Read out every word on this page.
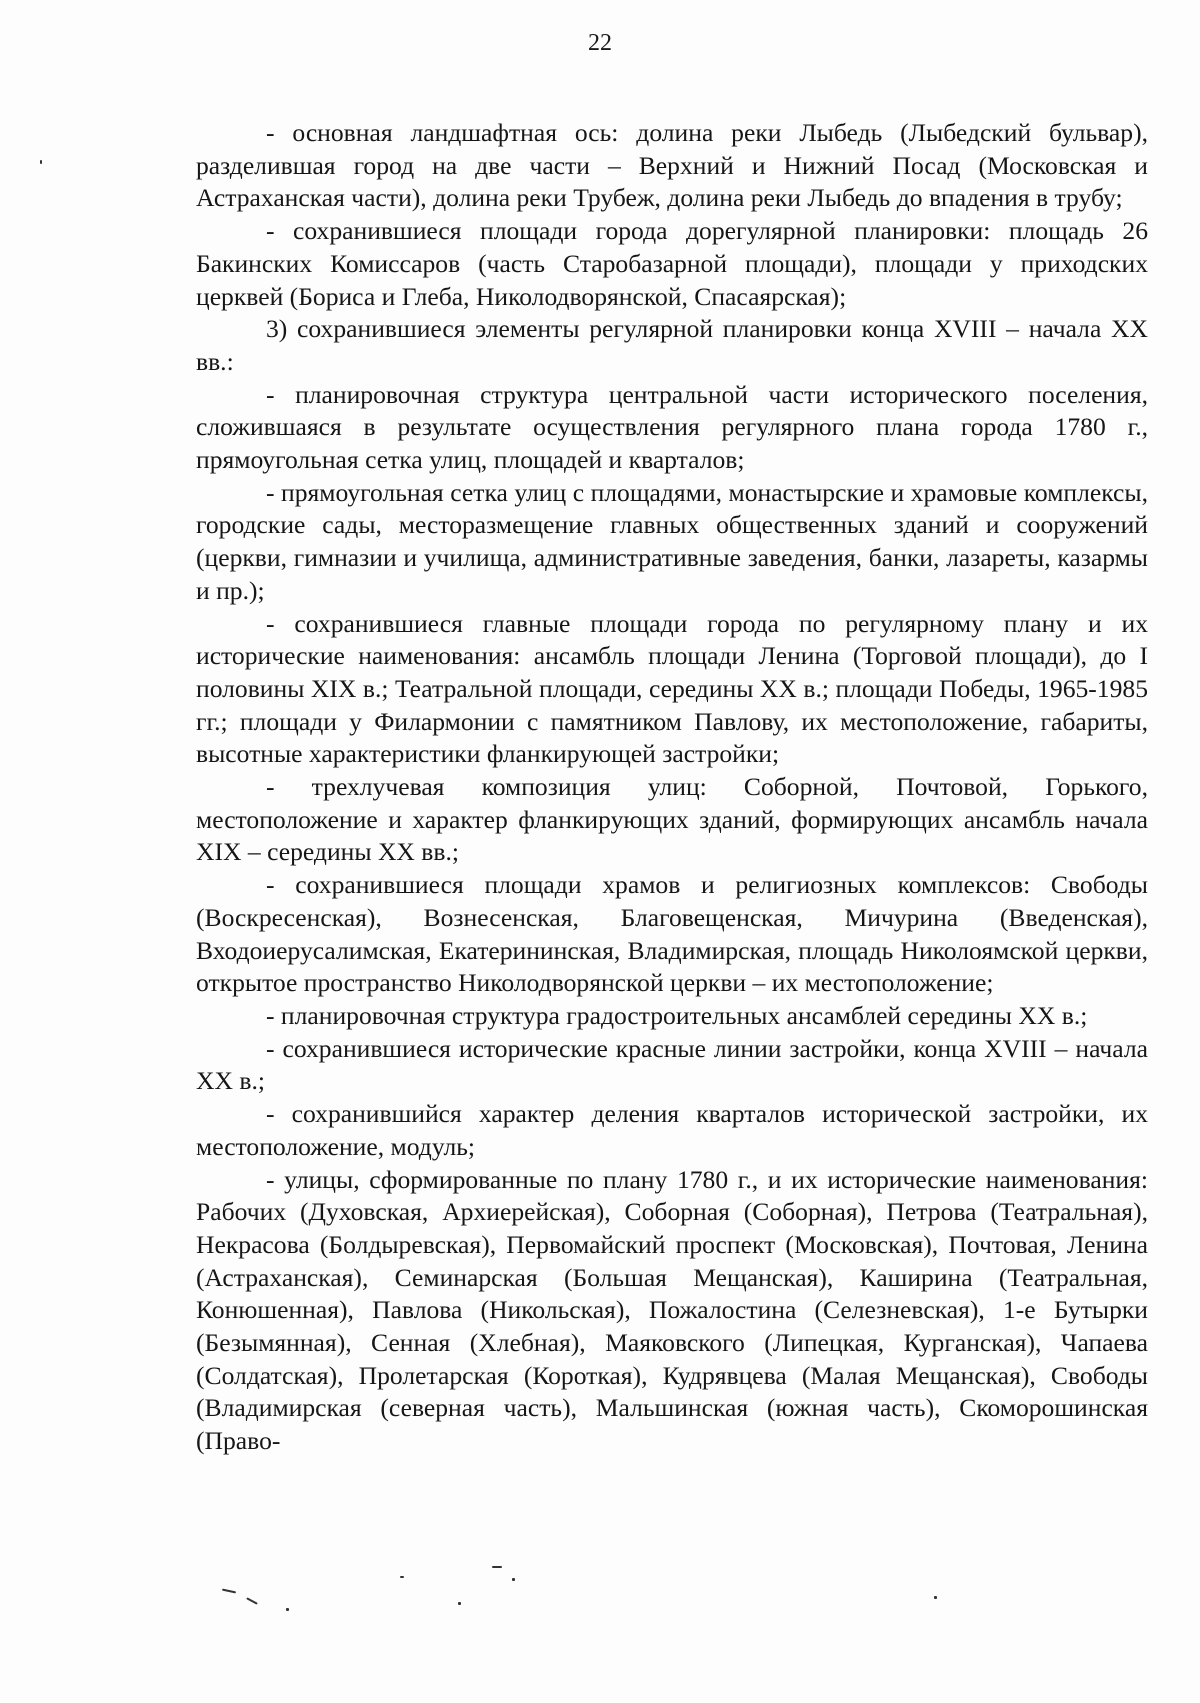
22

- основная ландшафтная ось: долина реки Лыбедь (Лыбедский бульвар), разделившая город на две части – Верхний и Нижний Посад (Московская и Астраханская части), долина реки Трубеж, долина реки Лыбедь до впадения в трубу;

- сохранившиеся площади города дорегулярной планировки: площадь 26 Бакинских Комиссаров (часть Старобазарной площади), площади у приходских церквей (Бориса и Глеба, Николодворянской, Спасаярская);

3) сохранившиеся элементы регулярной планировки конца XVIII – начала XX вв.:

- планировочная структура центральной части исторического поселения, сложившаяся в результате осуществления регулярного плана города 1780 г., прямоугольная сетка улиц, площадей и кварталов;

- прямоугольная сетка улиц с площадями, монастырские и храмовые комплексы, городские сады, месторазмещение главных общественных зданий и сооружений (церкви, гимназии и училища, административные заведения, банки, лазареты, казармы и пр.);

- сохранившиеся главные площади города по регулярному плану и их исторические наименования: ансамбль площади Ленина (Торговой площади), до I половины XIX в.; Театральной площади, середины XX в.; площади Победы, 1965-1985 гг.; площади у Филармонии с памятником Павлову, их местоположение, габариты, высотные характеристики фланкирующей застройки;

- трехлучевая композиция улиц: Соборной, Почтовой, Горького, местоположение и характер фланкирующих зданий, формирующих ансамбль начала XIX – середины XX вв.;

- сохранившиеся площади храмов и религиозных комплексов: Свободы (Воскресенская), Вознесенская, Благовещенская, Мичурина (Введенская), Входоиерусалимская, Екатерининская, Владимирская, площадь Николоямской церкви, открытое пространство Николодворянской церкви – их местоположение;

- планировочная структура градостроительных ансамблей середины XX в.;

- сохранившиеся исторические красные линии застройки, конца XVIII – начала XX в.;

- сохранившийся характер деления кварталов исторической застройки, их местоположение, модуль;

- улицы, сформированные по плану 1780 г., и их исторические наименования: Рабочих (Духовская, Архиерейская), Соборная (Соборная), Петрова (Театральная), Некрасова (Болдыревская), Первомайский проспект (Московская), Почтовая, Ленина (Астраханская), Семинарская (Большая Мещанская), Каширина (Театральная, Конюшенная), Павлова (Никольская), Пожалостина (Селезневская), 1-е Бутырки (Безымянная), Сенная (Хлебная), Маяковского (Липецкая, Курганская), Чапаева (Солдатская), Пролетарская (Короткая), Кудрявцева (Малая Мещанская), Свободы (Владимирская (северная часть), Мальшинская (южная часть), Скоморошинская (Право-
